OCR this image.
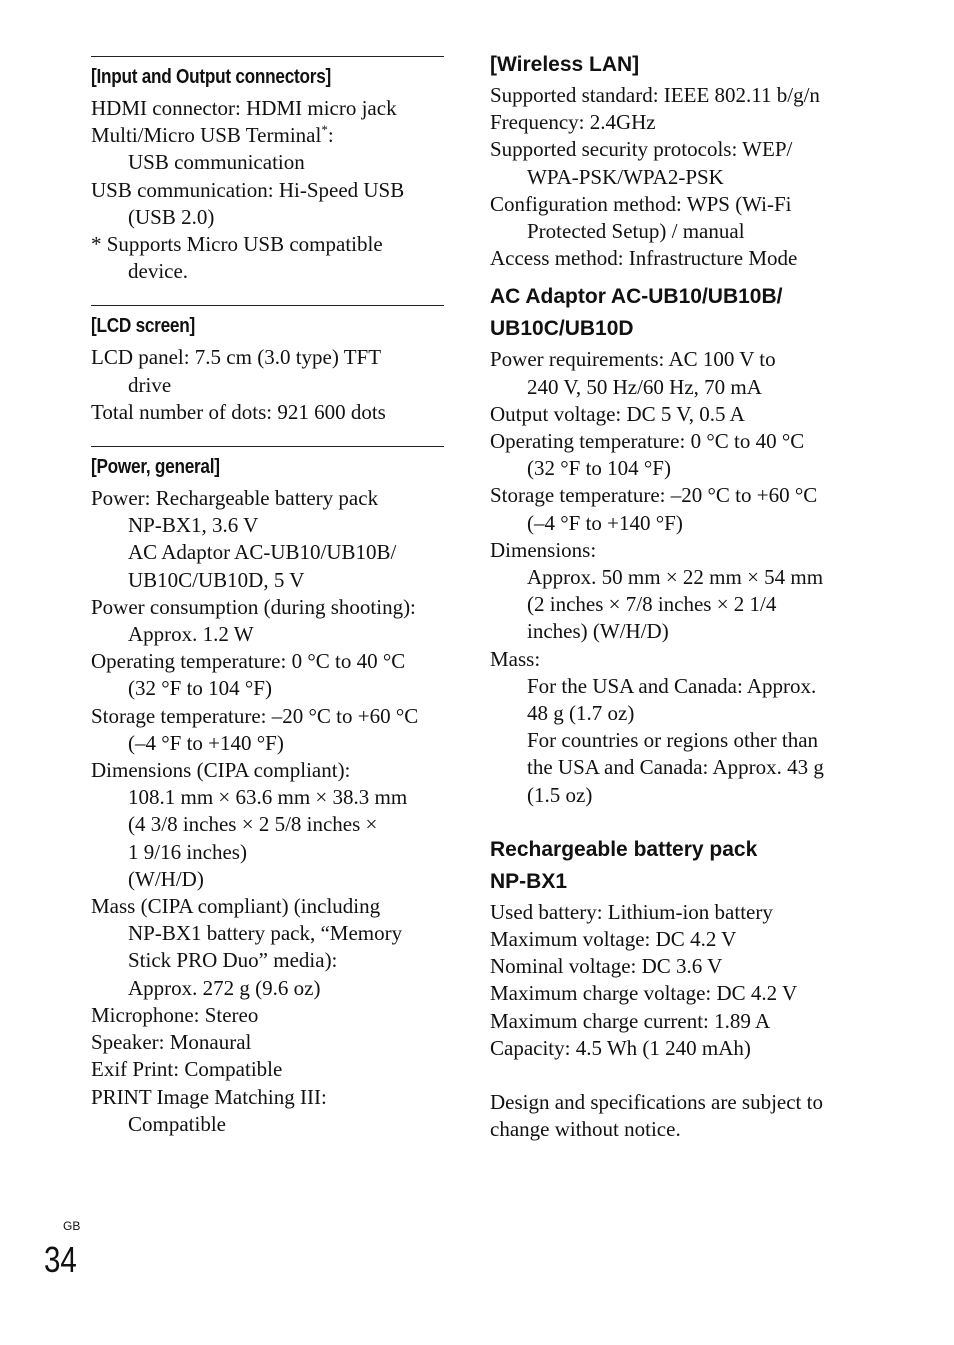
[Input and Output connectors]
HDMI connector: HDMI micro jack
Multi/Micro USB Terminal*:
USB communication
USB communication: Hi-Speed USB
(USB 2.0)
* Supports Micro USB compatible
device.
[LCD screen]
LCD panel: 7.5 cm (3.0 type) TFT
drive
Total number of dots: 921 600 dots
[Power, general]
Power: Rechargeable battery pack
NP-BX1, 3.6 V
AC Adaptor AC-UB10/UB10B/
UB10C/UB10D, 5 V
Power consumption (during shooting):
Approx. 1.2 W
Operating temperature: 0 °C to 40 °C
(32 °F to 104 °F)
Storage temperature: –20 °C to +60 °C
(–4 °F to +140 °F)
Dimensions (CIPA compliant):
108.1 mm × 63.6 mm × 38.3 mm
(4 3/8 inches × 2 5/8 inches ×
1 9/16 inches)
(W/H/D)
Mass (CIPA compliant) (including
NP-BX1 battery pack, “Memory
Stick PRO Duo” media):
Approx. 272 g (9.6 oz)
Microphone: Stereo
Speaker: Monaural
Exif Print: Compatible
PRINT Image Matching III:
Compatible
[Wireless LAN]
Supported standard: IEEE 802.11 b/g/n
Frequency: 2.4GHz
Supported security protocols: WEP/
WPA-PSK/WPA2-PSK
Configuration method: WPS (Wi-Fi
Protected Setup) / manual
Access method: Infrastructure Mode
AC Adaptor AC-UB10/UB10B/
UB10C/UB10D
Power requirements: AC 100 V to
240 V, 50 Hz/60 Hz, 70 mA
Output voltage: DC 5 V, 0.5 A
Operating temperature: 0 °C to 40 °C
(32 °F to 104 °F)
Storage temperature: –20 °C to +60 °C
(–4 °F to +140 °F)
Dimensions:
Approx. 50 mm × 22 mm × 54 mm
(2 inches × 7/8 inches × 2 1/4
inches) (W/H/D)
Mass:
For the USA and Canada: Approx.
48 g (1.7 oz)
For countries or regions other than
the USA and Canada: Approx. 43 g
(1.5 oz)
Rechargeable battery pack
NP-BX1
Used battery: Lithium-ion battery
Maximum voltage: DC 4.2 V
Nominal voltage: DC 3.6 V
Maximum charge voltage: DC 4.2 V
Maximum charge current: 1.89 A
Capacity: 4.5 Wh (1 240 mAh)
Design and specifications are subject to
change without notice.
GB
34
